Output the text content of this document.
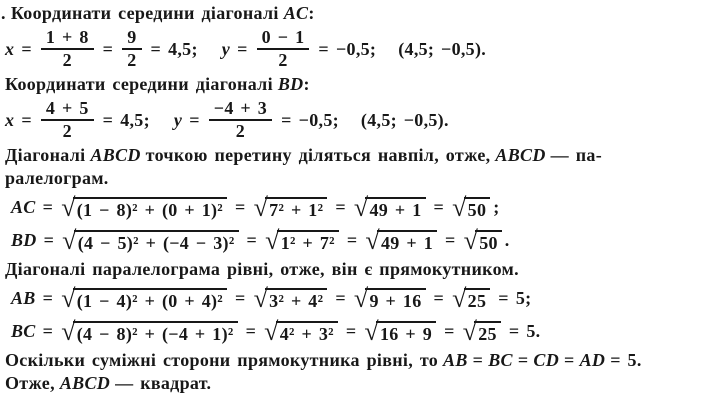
. Координати середини діагоналі AC:
$x = \frac{1 + 8}{2} = \frac{9}{2} = 4,5$; $y = \frac{0 - 1}{2} = -0,5$; (4,5; −0,5).
Координати середини діагоналі BD:
$x = \frac{4 + 5}{2} = 4,5$; $y = \frac{-4 + 3}{2} = -0,5$; (4,5; −0,5).
Діагоналі ABCD точкою перетину діляться навпіл, отже, ABCD — па-
ралелограм.
AC = √ (1 − 8)² + (0 + 1)² = √ 7² + 1² = √ 49 + 1 = √ 50 ;
BD = √ (4 − 5)² + (−4 − 3)² = √ 1² + 7² = √ 49 + 1 = √ 50 .
Діагоналі паралелограма рівні, отже, він є прямокутником.
AB = √ (1 − 4)² + (0 + 4)² = √ 3² + 4² = √ 9 + 16 = √ 25 = 5;
BC = √ (4 − 8)² + (−4 + 1)² = √ 4² + 3² = √ 16 + 9 = √ 25 = 5.
Оскільки суміжні сторони прямокутника рівні, то AB = BC = CD = AD = 5.
Отже, ABCD — квадрат.
